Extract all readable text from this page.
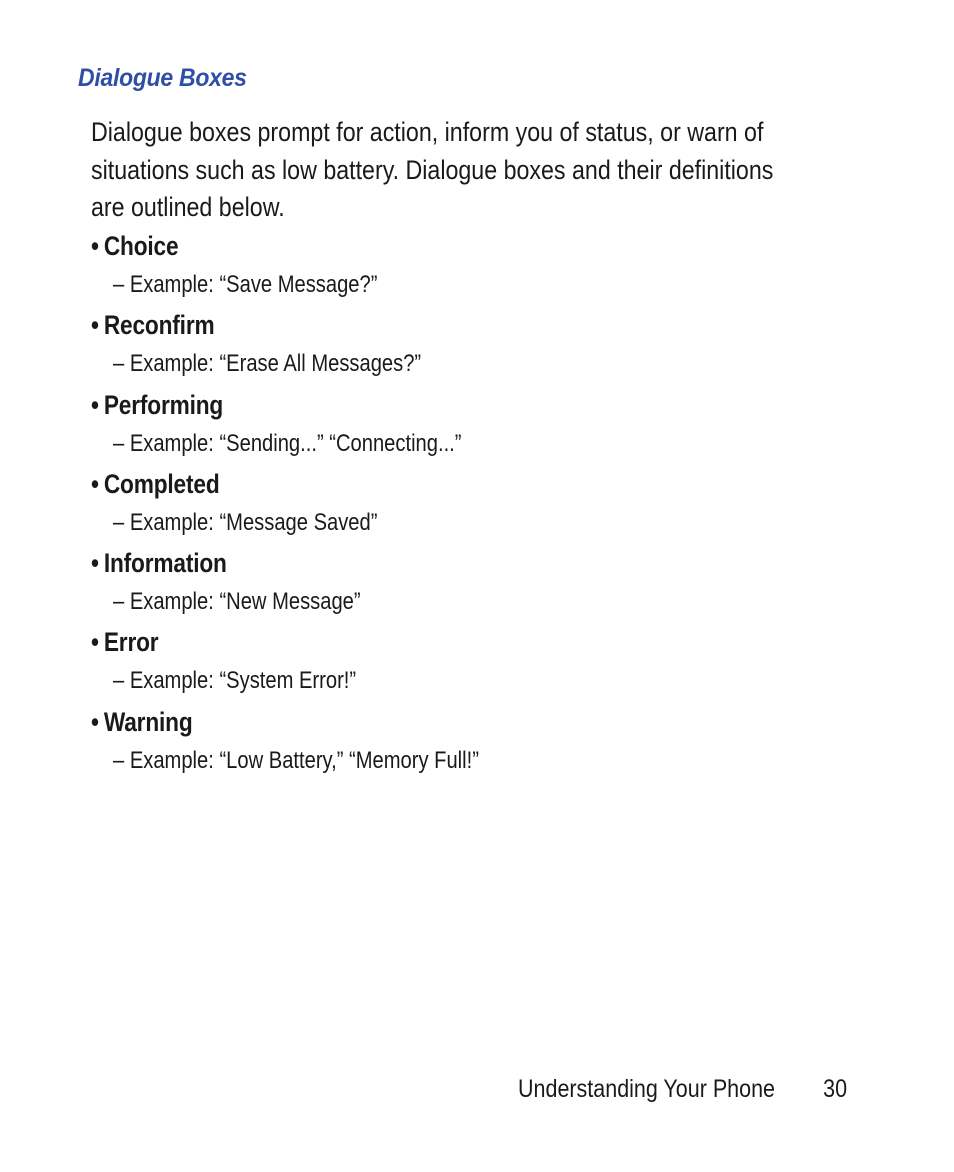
Dialogue Boxes

Dialogue boxes prompt for action, inform you of status, or warn of situations such as low battery. Dialogue boxes and their definitions are outlined below.

• Choice
– Example: “Save Message?”
• Reconfirm
– Example: “Erase All Messages?”
• Performing
– Example: “Sending...” “Connecting...”
• Completed
– Example: “Message Saved”
• Information
– Example: “New Message”
• Error
– Example: “System Error!”
• Warning
– Example: “Low Battery,” “Memory Full!”
Understanding Your Phone 30
